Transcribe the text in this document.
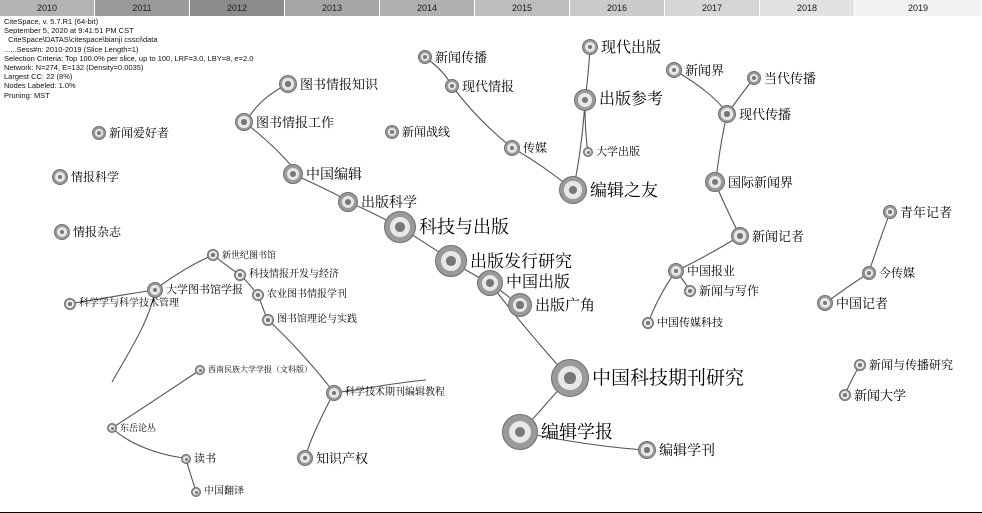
2010	2011	2012	2013	2014	2015	2016	2017	2018	2019
新闻传播
现代出版
新闻界
当代传播
图书情报知识	现代情报
出版参考
现代传播
图书情报工作
新闻爱好者	新闻战线
传媒	大学出版
情报科学	中国编辑
编辑之友	国际新闻界
出版科学
科技与出版
青年记者
情报杂志	新闻记者
新世纪图书馆	出版发行研究
中国报业	今传媒
科技情报开发与经济	中国出版	新闻与写作
大学图书馆学报 农业图书情报学刊
中国记者
科学学与科学技术管理	出版广角
图书馆理论与实践	中国传媒科技
新闻与传播研究
西南民族大学学报（文科版）	中国科技期刊研究
新闻大学
科学技术期刊编辑教程
东岳论丛	编辑学报
编辑学刊
读书	知识产权
中国翻译
CiteSpace, v. 5.7.R1 (64-bit)
September 5, 2020 at 9:41:51 PM CST
CiteSpace\DATAS\citespace\bianji cssci\data
......Sess#n: 2010-2019 (Slice Length=1)
Selection Criteria: Top 100.0% per slice, up to 100, LRF=3.0, LBY=8, e=2.0
Network: N=274, E=132 (Density=0.0035)
Largest CC: 22 (8%)
Nodes Labeled: 1.0%
Pruning: MST
